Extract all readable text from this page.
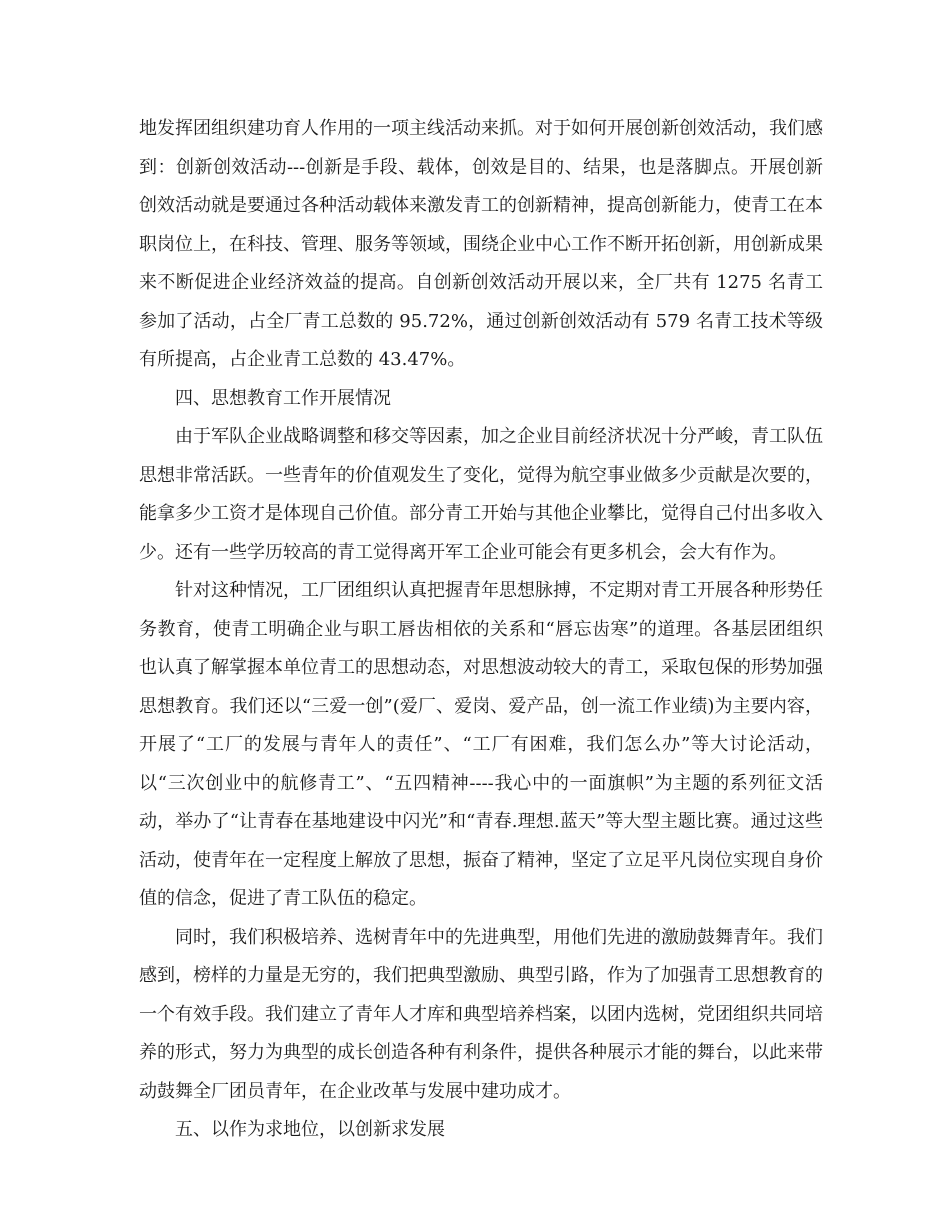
地发挥团组织建功育人作用的一项主线活动来抓。对于如何开展创新创效活动，我们感到：创新创效活动---创新是手段、载体，创效是目的、结果，也是落脚点。开展创新创效活动就是要通过各种活动载体来激发青工的创新精神，提高创新能力，使青工在本职岗位上，在科技、管理、服务等领域，围绕企业中心工作不断开拓创新，用创新成果来不断促进企业经济效益的提高。自创新创效活动开展以来，全厂共有 1275 名青工参加了活动，占全厂青工总数的 95.72%，通过创新创效活动有 579 名青工技术等级有所提高，占企业青工总数的 43.47%。

　　四、思想教育工作开展情况

　　由于军队企业战略调整和移交等因素，加之企业目前经济状况十分严峻，青工队伍思想非常活跃。一些青年的价值观发生了变化，觉得为航空事业做多少贡献是次要的，能拿多少工资才是体现自己价值。部分青工开始与其他企业攀比，觉得自己付出多收入少。还有一些学历较高的青工觉得离开军工企业可能会有更多机会，会大有作为。

　　针对这种情况，工厂团组织认真把握青年思想脉搏，不定期对青工开展各种形势任务教育，使青工明确企业与职工唇齿相依的关系和“唇忘齿寒”的道理。各基层团组织也认真了解掌握本单位青工的思想动态，对思想波动较大的青工，采取包保的形势加强思想教育。我们还以“三爱一创”(爱厂、爱岗、爱产品，创一流工作业绩)为主要内容，开展了“工厂的发展与青年人的责任”、“工厂有困难，我们怎么办”等大讨论活动，以“三次创业中的航修青工”、“五四精神----我心中的一面旗帜”为主题的系列征文活动，举办了“让青春在基地建设中闪光”和“青春.理想.蓝天”等大型主题比赛。通过这些活动，使青年在一定程度上解放了思想，振奋了精神，坚定了立足平凡岗位实现自身价值的信念，促进了青工队伍的稳定。

　　同时，我们积极培养、选树青年中的先进典型，用他们先进的激励鼓舞青年。我们感到，榜样的力量是无穷的，我们把典型激励、典型引路，作为了加强青工思想教育的一个有效手段。我们建立了青年人才库和典型培养档案，以团内选树，党团组织共同培养的形式，努力为典型的成长创造各种有利条件，提供各种展示才能的舞台，以此来带动鼓舞全厂团员青年，在企业改革与发展中建功成才。

　　五、以作为求地位，以创新求发展
